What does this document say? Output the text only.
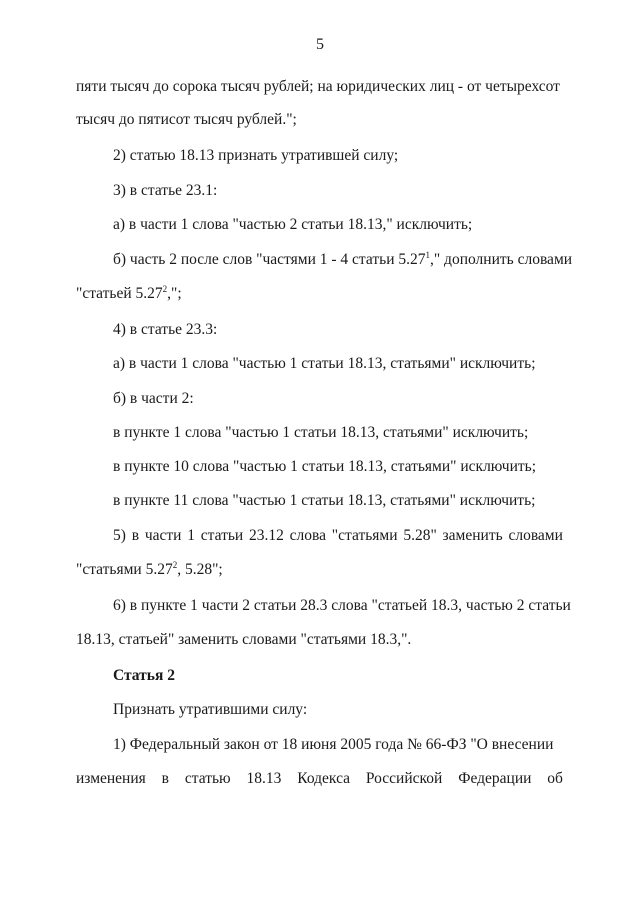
5
пяти тысяч до сорока тысяч рублей; на юридических лиц - от четырехсот
тысяч до пятисот тысяч рублей.";
2) статью 18.13 признать утратившей силу;
3) в статье 23.1:
а) в части 1 слова "частью 2 статьи 18.13," исключить;
б) часть 2 после слов "частями 1 - 4 статьи 5.27$^1$," дополнить словами
"статьей 5.27$^2$,";
4) в статье 23.3:
а) в части 1 слова "частью 1 статьи 18.13, статьями" исключить;
б) в части 2:
в пункте 1 слова "частью 1 статьи 18.13, статьями" исключить;
в пункте 10 слова "частью 1 статьи 18.13, статьями" исключить;
в пункте 11 слова "частью 1 статьи 18.13, статьями" исключить;
5) в части 1 статьи 23.12 слова "статьями 5.28" заменить словами
"статьями 5.27$^2$, 5.28";
6) в пункте 1 части 2 статьи 28.3 слова "статьей 18.3, частью 2 статьи
18.13, статьей" заменить словами "статьями 18.3,".
Статья 2
Признать утратившими силу:
1) Федеральный закон от 18 июня 2005 года № 66-ФЗ "О внесении
изменения в статью 18.13 Кодекса Российской Федерации об
